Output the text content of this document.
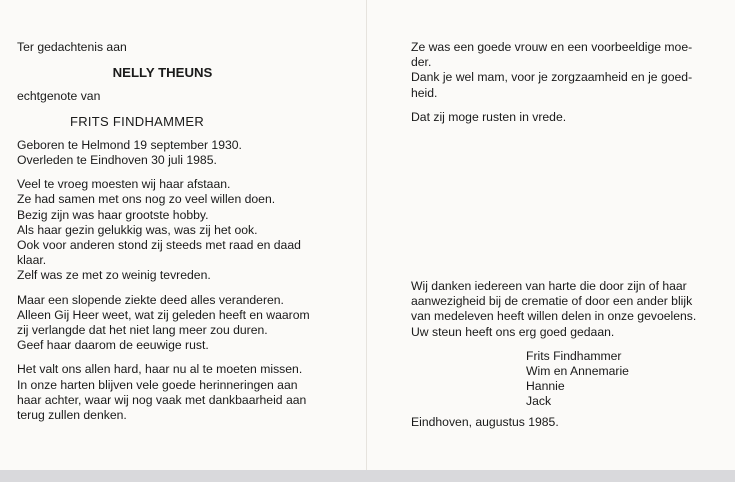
Ter gedachtenis aan
NELLY THEUNS
echtgenote van
FRITS FINDHAMMER
Geboren te Helmond 19 september 1930.
Overleden te Eindhoven 30 juli 1985.
Veel te vroeg moesten wij haar afstaan.
Ze had samen met ons nog zo veel willen doen.
Bezig zijn was haar grootste hobby.
Als haar gezin gelukkig was, was zij het ook.
Ook voor anderen stond zij steeds met raad en daad
klaar.
Zelf was ze met zo weinig tevreden.
Maar een slopende ziekte deed alles veranderen.
Alleen Gij Heer weet, wat zij geleden heeft en waarom
zij verlangde dat het niet lang meer zou duren.
Geef haar daarom de eeuwige rust.
Het valt ons allen hard, haar nu al te moeten missen.
In onze harten blijven vele goede herinneringen aan
haar achter, waar wij nog vaak met dankbaarheid aan
terug zullen denken.
Ze was een goede vrouw en een voorbeeldige moe-
der.
Dank je wel mam, voor je zorgzaamheid en je goed-
heid.
Dat zij moge rusten in vrede.
Wij danken iedereen van harte die door zijn of haar
aanwezigheid bij de crematie of door een ander blijk
van medeleven heeft willen delen in onze gevoelens.
Uw steun heeft ons erg goed gedaan.
Frits Findhammer
Wim en Annemarie
Hannie
Jack
Eindhoven, augustus 1985.
